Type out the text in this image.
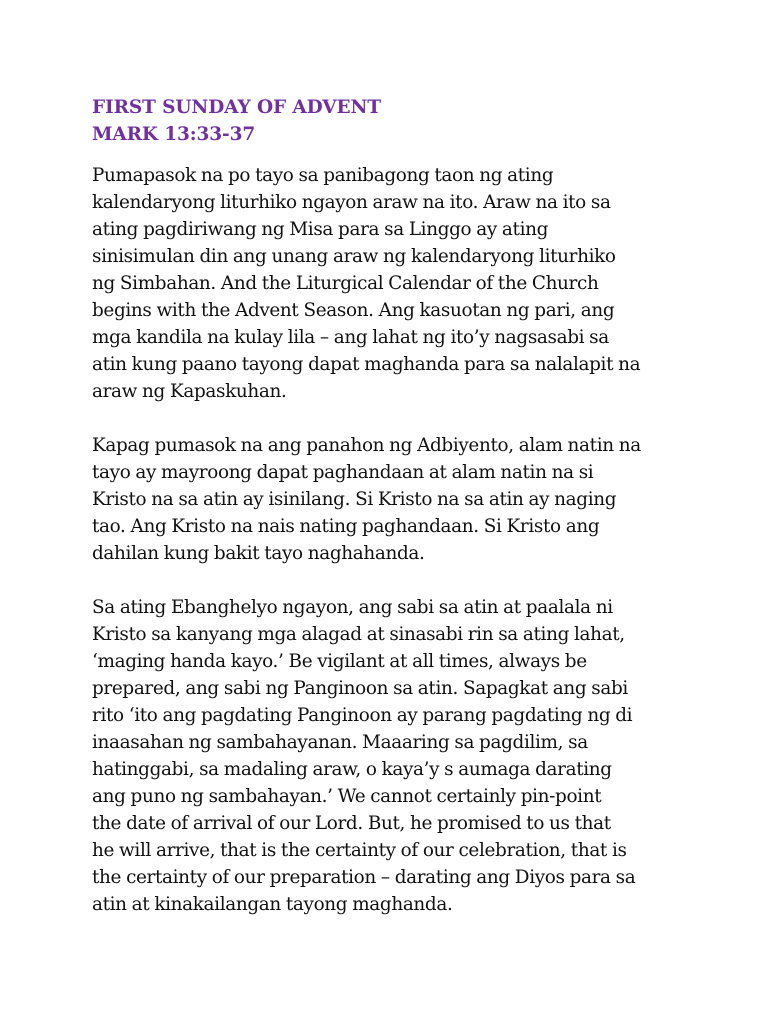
FIRST SUNDAY OF ADVENT
MARK 13:33-37

Pumapasok na po tayo sa panibagong taon ng ating
kalendaryong liturhiko ngayon araw na ito. Araw na ito sa
ating pagdiriwang ng Misa para sa Linggo ay ating
sinisimulan din ang unang araw ng kalendaryong liturhiko
ng Simbahan. And the Liturgical Calendar of the Church
begins with the Advent Season. Ang kasuotan ng pari, ang
mga kandila na kulay lila – ang lahat ng ito’y nagsasabi sa
atin kung paano tayong dapat maghanda para sa nalalapit na
araw ng Kapaskuhan.

Kapag pumasok na ang panahon ng Adbiyento, alam natin na
tayo ay mayroong dapat paghandaan at alam natin na si
Kristo na sa atin ay isinilang. Si Kristo na sa atin ay naging
tao. Ang Kristo na nais nating paghandaan. Si Kristo ang
dahilan kung bakit tayo naghahanda.

Sa ating Ebanghelyo ngayon, ang sabi sa atin at paalala ni
Kristo sa kanyang mga alagad at sinasabi rin sa ating lahat,
‘maging handa kayo.’ Be vigilant at all times, always be
prepared, ang sabi ng Panginoon sa atin. Sapagkat ang sabi
rito ‘ito ang pagdating Panginoon ay parang pagdating ng di
inaasahan ng sambahayanan. Maaaring sa pagdilim, sa
hatinggabi, sa madaling araw, o kaya’y s aumaga darating
ang puno ng sambahayan.’ We cannot certainly pin-point
the date of arrival of our Lord. But, he promised to us that
he will arrive, that is the certainty of our celebration, that is
the certainty of our preparation – darating ang Diyos para sa
atin at kinakailangan tayong maghanda.
